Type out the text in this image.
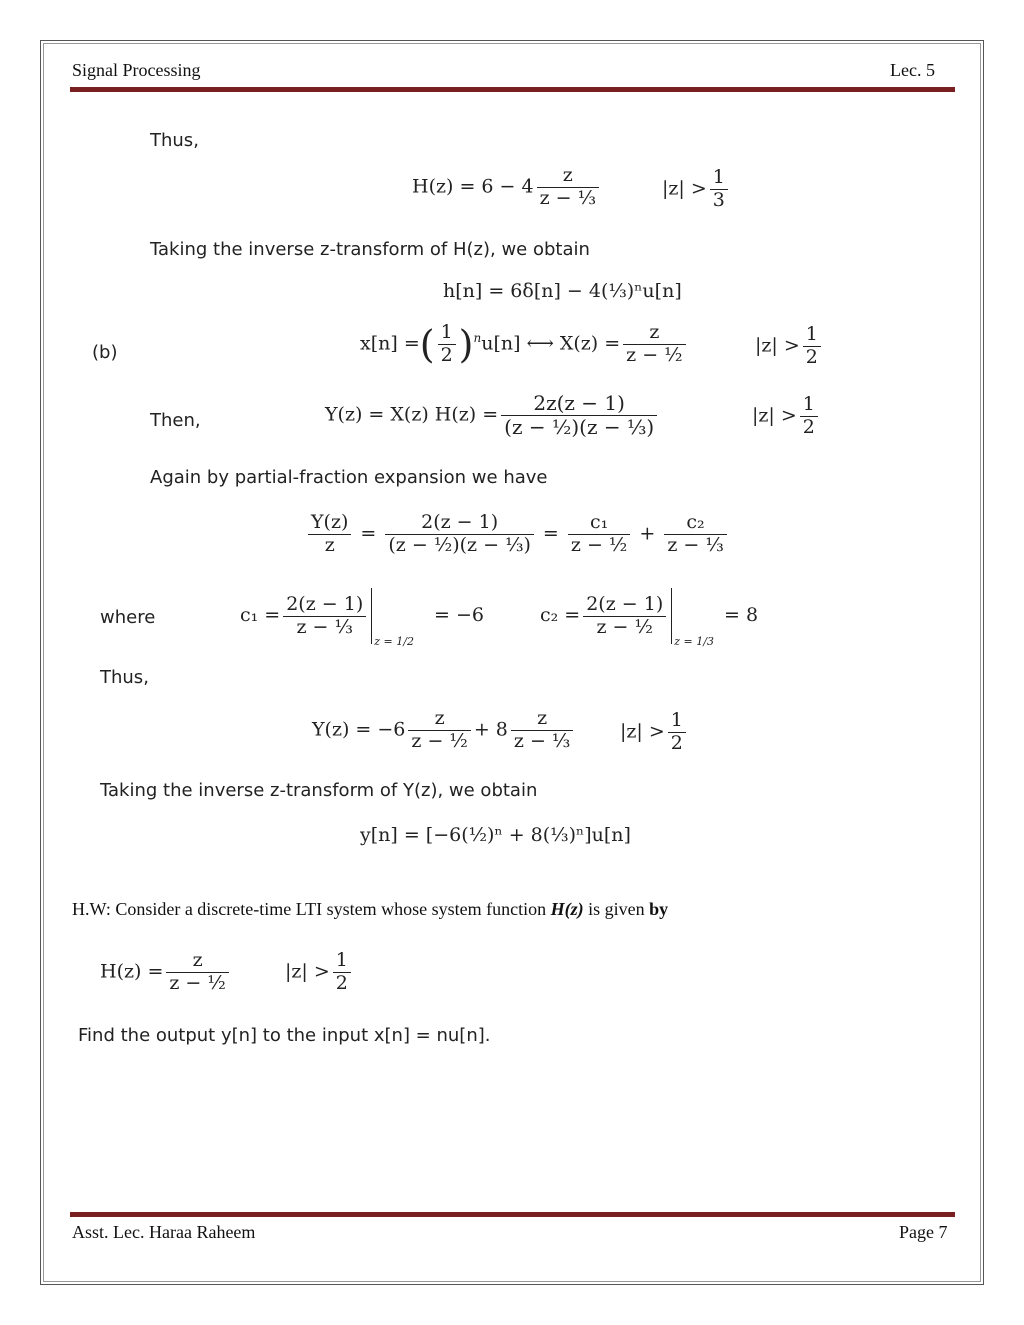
Signal Processing	Lec. 5
Thus,
$H(z) = 6 - 4 \frac{z}{\text{z − ⅓}}$	$|z| > \frac{1}{3}$
Taking the inverse z-transform of H(z), we obtain
h[n] = 6δ[n] − 4(⅓)ⁿu[n]
(b)	x[n] =( $\frac{1}{2} )^nu[n]$ ⟷ $X(z) = \frac{z}{\text{z − ½}}$	$|z| > \frac{1}{2}$
Then,	Y(z) = X(z) $H(z) = \frac{2z(z - 1)}{\text{(z − ½)(z − ⅓)}}$	$|z| > \frac{1}{2}$
Again by partial-fraction expansion we have
$\frac{Y(z)}{z} = \frac{2(z - 1)}{\text{(z − ½)(z − ⅓)}} = \frac{\text{c₁}}{\text{z − ½}} + \frac{\text{c₂}}{\text{z − ⅓}}$
where	$c_1 = \frac{2(z - 1)}{\text{z − ⅓}}$
$_{z = 1/2}$ = −6	$c_2 = \frac{2(z - 1)}{\text{z − ½}}$
$_{z = 1/3}$ = 8
Thus,
$Y(z) = -6 \frac{z}{\text{z − ½}} + 8 \frac{z}{\text{z − ⅓}} |z| > \frac{1}{2}$
Taking the inverse z-transform of Y(z), we obtain
y[n] = [−6(½)ⁿ + 8(⅓)ⁿ]u[n]
H.W: Consider a discrete-time LTI system whose system function H(z) is given by
$H(z) = \frac{z}{\text{z − ½}}$	$|z| > \frac{1}{2}$
Find the output y[n] to the input x[n] = nu[n].
Asst. Lec. Haraa Raheem	Page 7
